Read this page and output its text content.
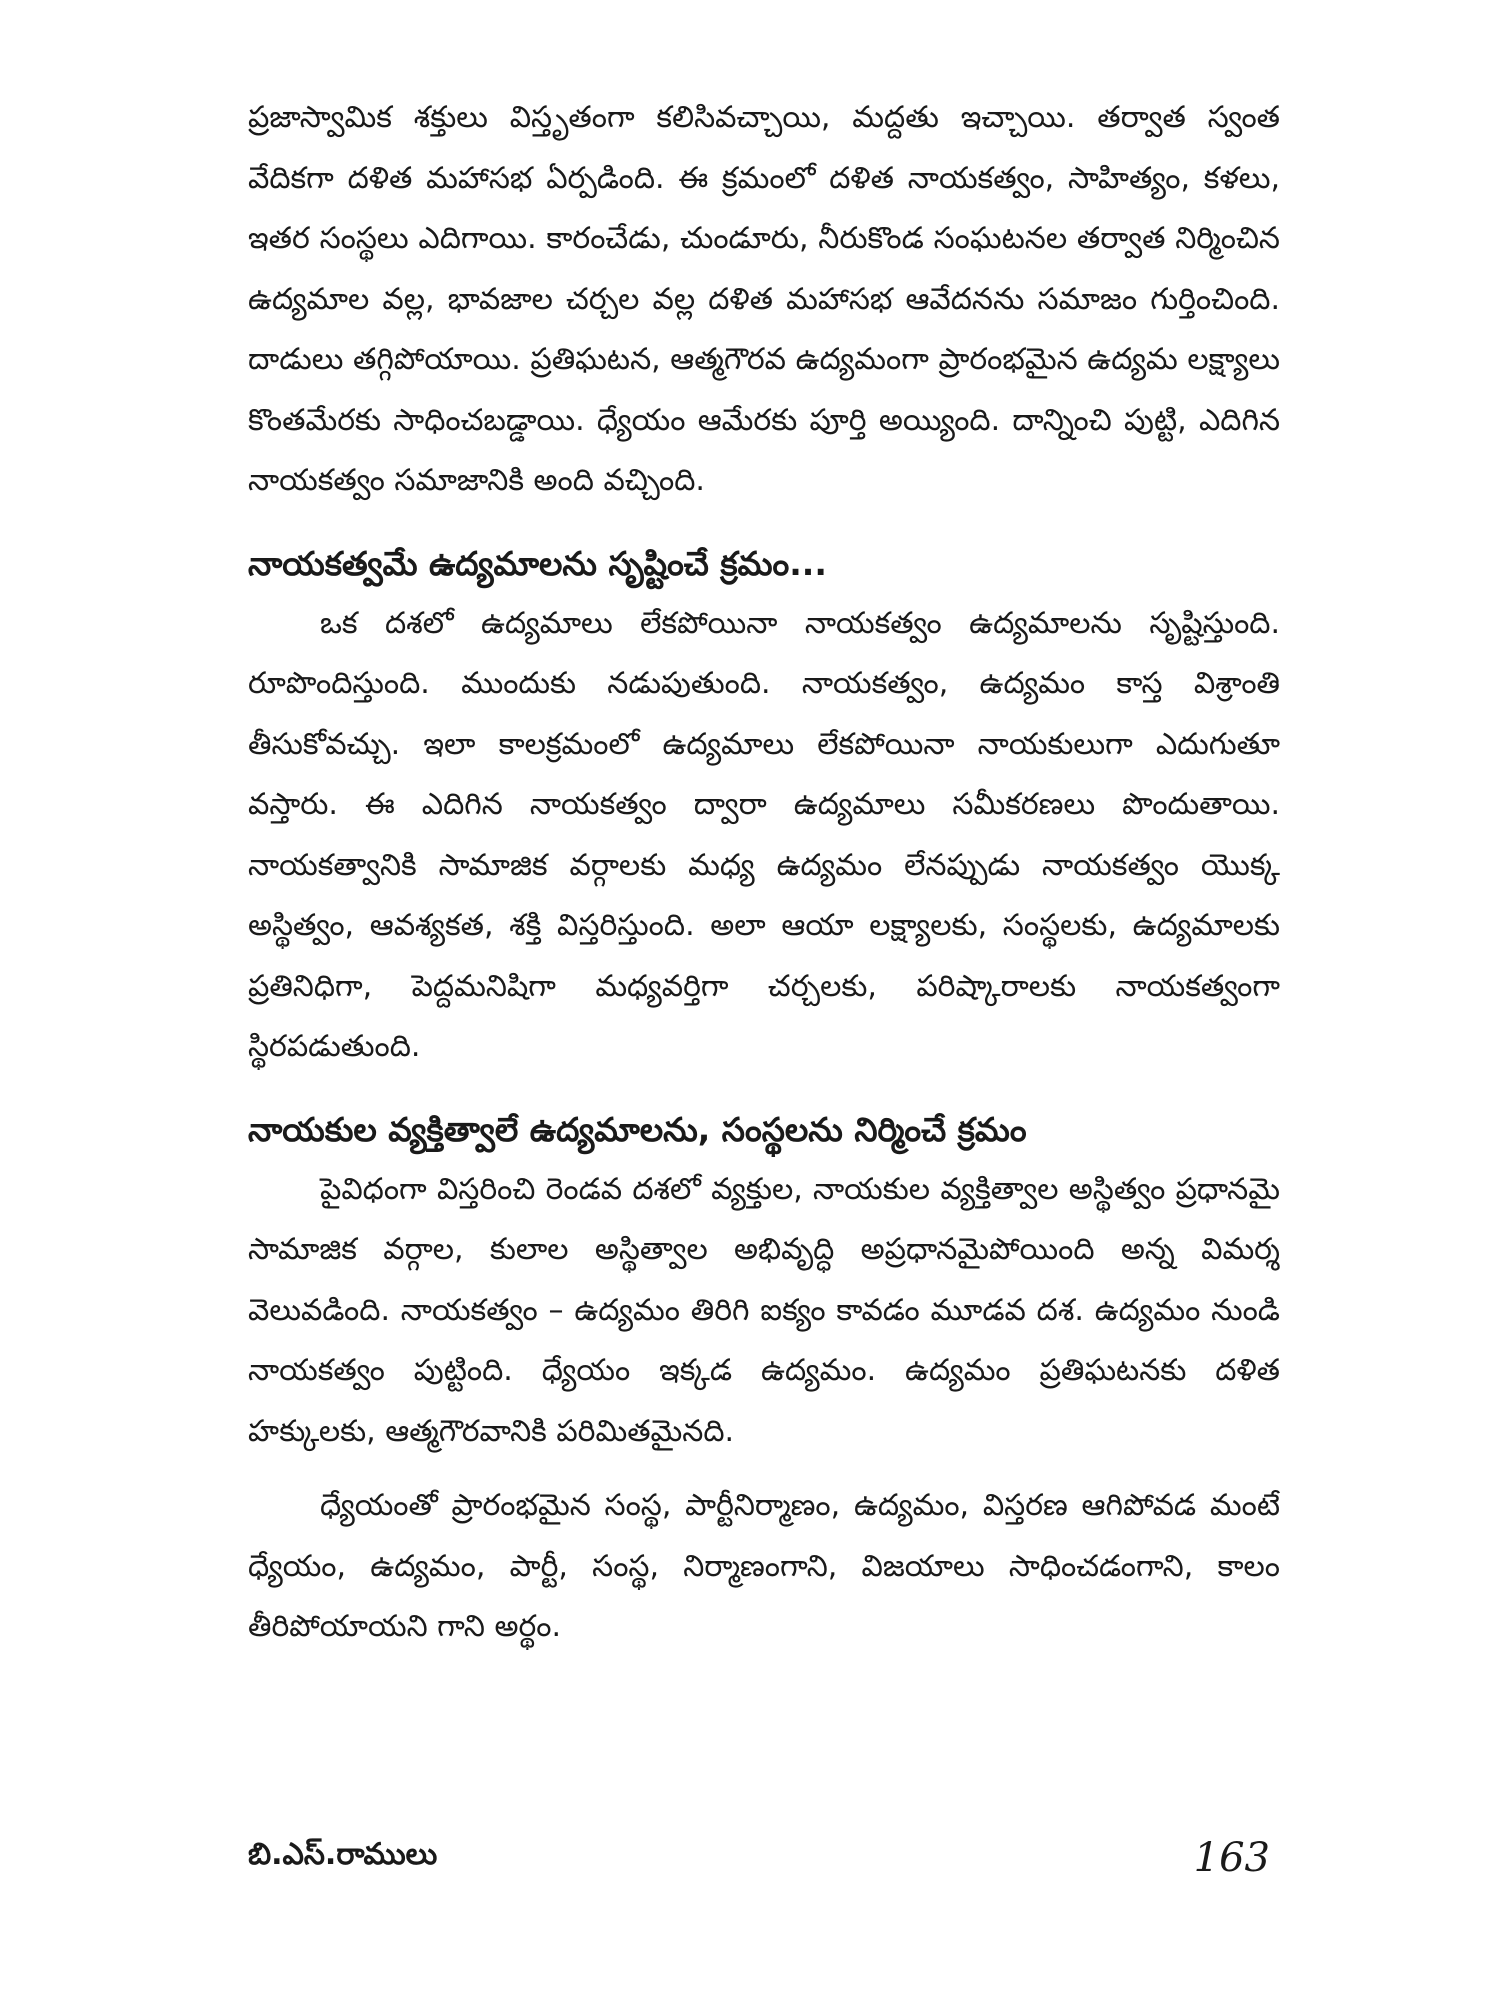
ప్రజాస్వామిక శక్తులు విస్తృతంగా కలిసివచ్చాయి, మద్దతు ఇచ్చాయి. తర్వాత స్వంత వేదికగా దళిత మహాసభ ఏర్పడింది. ఈ క్రమంలో దళిత నాయకత్వం, సాహిత్యం, కళలు, ఇతర సంస్థలు ఎదిగాయి. కారంచేడు, చుండూరు, నీరుకొండ సంఘటనల తర్వాత నిర్మించిన ఉద్యమాల వల్ల, భావజాల చర్చల వల్ల దళిత మహాసభ ఆవేదనను సమాజం గుర్తించింది. దాడులు తగ్గిపోయాయి. ప్రతిఘటన, ఆత్మగౌరవ ఉద్యమంగా ప్రారంభమైన ఉద్యమ లక్ష్యాలు కొంతమేరకు సాధించబడ్డాయి. ధ్యేయం ఆమేరకు పూర్తి అయ్యింది. దాన్నించి పుట్టి, ఎదిగిన నాయకత్వం సమాజానికి అంది వచ్చింది.

నాయకత్వమే ఉద్యమాలను సృష్టించే క్రమం...

ఒక దశలో ఉద్యమాలు లేకపోయినా నాయకత్వం ఉద్యమాలను సృష్టిస్తుంది. రూపొందిస్తుంది. ముందుకు నడుపుతుంది. నాయకత్వం, ఉద్యమం కాస్త విశ్రాంతి తీసుకోవచ్చు. ఇలా కాలక్రమంలో ఉద్యమాలు లేకపోయినా నాయకులుగా ఎదుగుతూ వస్తారు. ఈ ఎదిగిన నాయకత్వం ద్వారా ఉద్యమాలు సమీకరణలు పొందుతాయి. నాయకత్వానికి సామాజిక వర్గాలకు మధ్య ఉద్యమం లేనప్పుడు నాయకత్వం యొక్క అస్థిత్వం, ఆవశ్యకత, శక్తి విస్తరిస్తుంది. అలా ఆయా లక్ష్యాలకు, సంస్థలకు, ఉద్యమాలకు ప్రతినిధిగా, పెద్దమనిషిగా మధ్యవర్తిగా చర్చలకు, పరిష్కారాలకు నాయకత్వంగా స్థిరపడుతుంది.

నాయకుల వ్యక్తిత్వాలే ఉద్యమాలను, సంస్థలను నిర్మించే క్రమం

పైవిధంగా విస్తరించి రెండవ దశలో వ్యక్తుల, నాయకుల వ్యక్తిత్వాల అస్థిత్వం ప్రధానమై సామాజిక వర్గాల, కులాల అస్థిత్వాల అభివృద్ధి అప్రధానమైపోయింది అన్న విమర్శ వెలువడింది. నాయకత్వం – ఉద్యమం తిరిగి ఐక్యం కావడం మూడవ దశ. ఉద్యమం నుండి నాయకత్వం పుట్టింది. ధ్యేయం ఇక్కడ ఉద్యమం. ఉద్యమం ప్రతిఘటనకు దళిత హక్కులకు, ఆత్మగౌరవానికి పరిమితమైనది.

ధ్యేయంతో ప్రారంభమైన సంస్థ, పార్టీనిర్మాణం, ఉద్యమం, విస్తరణ ఆగిపోవడ మంటే ధ్యేయం, ఉద్యమం, పార్టీ, సంస్థ, నిర్మాణంగాని, విజయాలు సాధించడంగాని, కాలం తీరిపోయాయని గాని అర్థం.

బి.ఎస్.రాములు	163
